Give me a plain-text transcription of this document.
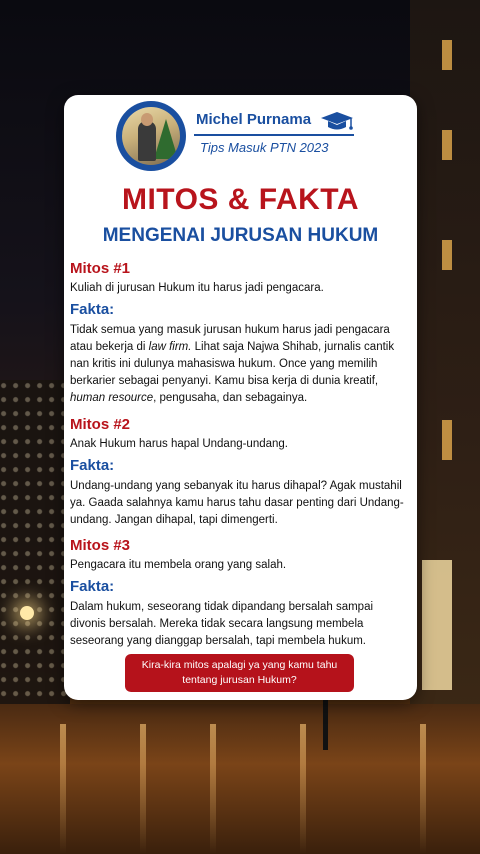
Michel Purnama
Tips Masuk PTN 2023
MITOS & FAKTA
MENGENAI JURUSAN HUKUM
Mitos #1
Kuliah di jurusan Hukum itu harus jadi pengacara.
Fakta:
Tidak semua yang masuk jurusan hukum harus jadi pengacara atau bekerja di law firm. Lihat saja Najwa Shihab, jurnalis cantik nan kritis ini dulunya mahasiswa hukum. Once yang memilih berkarier sebagai penyanyi. Kamu bisa kerja di dunia kreatif, human resource, pengusaha, dan sebagainya.
Mitos #2
Anak Hukum harus hapal Undang-undang.
Fakta:
Undang-undang yang sebanyak itu harus dihapal? Agak mustahil ya. Gaada salahnya kamu harus tahu dasar penting dari Undang-undang. Jangan dihapal, tapi dimengerti.
Mitos #3
Pengacara itu membela orang yang salah.
Fakta:
Dalam hukum, seseorang tidak dipandang bersalah sampai divonis bersalah. Mereka tidak secara langsung membela seseorang yang dianggap bersalah, tapi membela hukum.
Kira-kira mitos apalagi ya yang kamu tahu
tentang jurusan Hukum?
